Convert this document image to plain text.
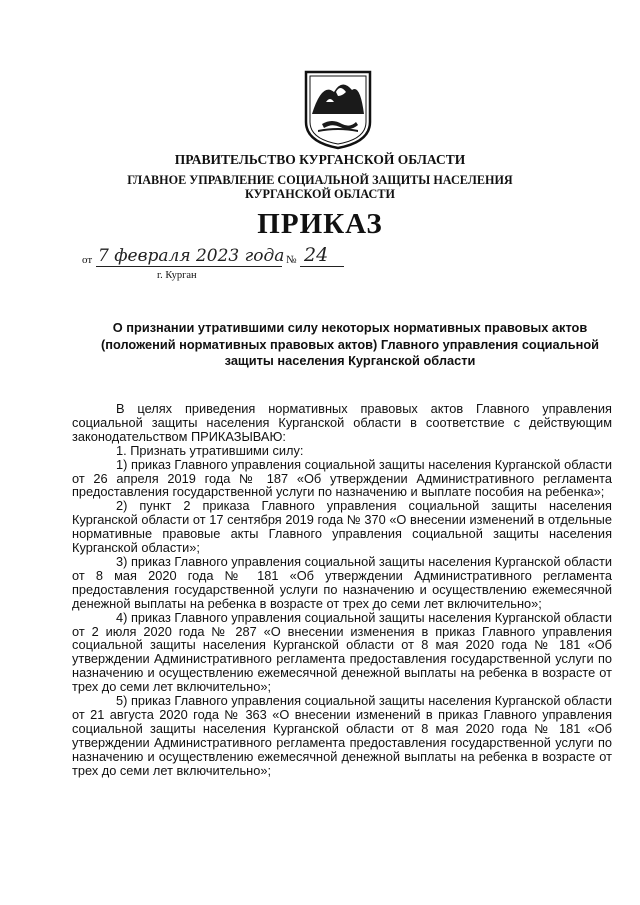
ПРАВИТЕЛЬСТВО КУРГАНСКОЙ ОБЛАСТИ
ГЛАВНОЕ УПРАВЛЕНИЕ СОЦИАЛЬНОЙ ЗАЩИТЫ НАСЕЛЕНИЯ
КУРГАНСКОЙ ОБЛАСТИ
ПРИКАЗ
от 7 февраля 2023 года № 24
г. Курган
О признании утратившими силу некоторых нормативных правовых актов
(положений нормативных правовых актов) Главного управления социальной
защиты населения Курганской области

В целях приведения нормативных правовых актов Главного управления социальной защиты населения Курганской области в соответствие с действующим законодательством ПРИКАЗЫВАЮ:

1. Признать утратившими силу:

1) приказ Главного управления социальной защиты населения Курганской области от 26 апреля 2019 года № 187 «Об утверждении Административного регламента предоставления государственной услуги по назначению и выплате пособия на ребенка»;

2) пункт 2 приказа Главного управления социальной защиты населения Курганской области от 17 сентября 2019 года № 370 «О внесении изменений в отдельные нормативные правовые акты Главного управления социальной защиты населения Курганской области»;

3) приказ Главного управления социальной защиты населения Курганской области от 8 мая 2020 года № 181 «Об утверждении Административного регламента предоставления государственной услуги по назначению и осуществлению ежемесячной денежной выплаты на ребенка в возрасте от трех до семи лет включительно»;

4) приказ Главного управления социальной защиты населения Курганской области от 2 июля 2020 года № 287 «О внесении изменения в приказ Главного управления социальной защиты населения Курганской области от 8 мая 2020 года № 181 «Об утверждении Административного регламента предоставления государственной услуги по назначению и осуществлению ежемесячной денежной выплаты на ребенка в возрасте от трех до семи лет включительно»;

5) приказ Главного управления социальной защиты населения Курганской области от 21 августа 2020 года № 363 «О внесении изменений в приказ Главного управления социальной защиты населения Курганской области от 8 мая 2020 года № 181 «Об утверждении Административного регламента предоставления государственной услуги по назначению и осуществлению ежемесячной денежной выплаты на ребенка в возрасте от трех до семи лет включительно»;
